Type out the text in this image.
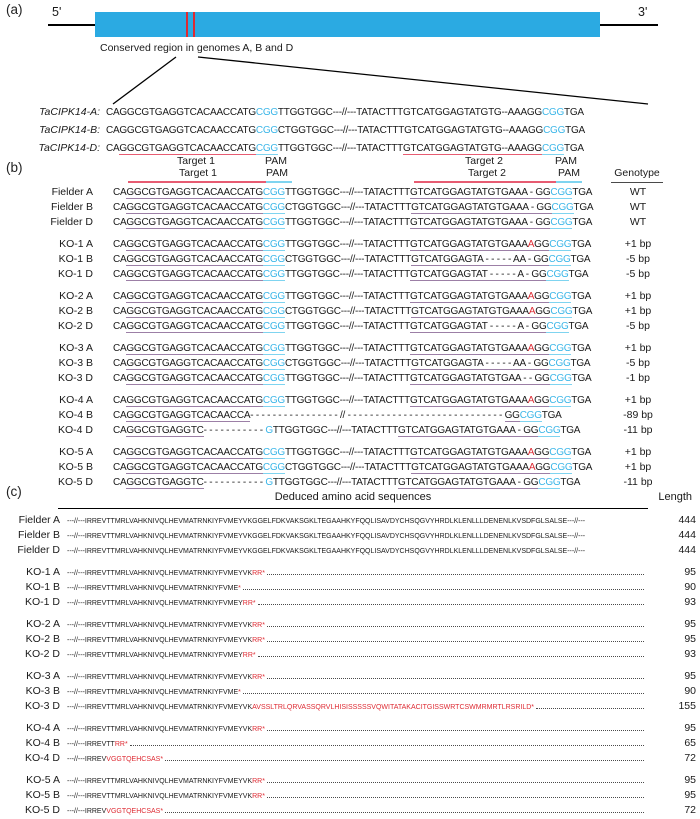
(a) 5'	3'
Conserved region in genomes A, B and D
TaCIPK14-A: CAGGCGTGAGGTCACAACCATGCGGTTGGTGGC---//---TATACTTTGTCATGGAGTATGTG--AAAGGCGGTGA
TaCIPK14-B: CAGGCGTGAGGTCACAACCATGCGGCTGGTGGC---//---TATACTTTGTCATGGAGTATGTG--AAAGGCGGTGA
TaCIPK14-D: CAGGCGTGAGGTCACAACCATGCGGTTGGTGGC---//---TATACTTTGTCATGGAGTATGTG--AAAGGCGGTGA
Target 1	PAM	Target 2	PAM
(b)	Target 1	PAM	Target 2	PAM	Genotype
Fielder A	CAGGCGTGAGGTCACAACCATGCGGTTGGTGGC---//---TATACTTTGTCATGGAGTATGTGAAA - GGCGGTGA	WT
Fielder B	CAGGCGTGAGGTCACAACCATGCGGCTGGTGGC---//---TATACTTTGTCATGGAGTATGTGAAA - GGCGGTGA	WT
Fielder D	CAGGCGTGAGGTCACAACCATGCGGTTGGTGGC---//---TATACTTTGTCATGGAGTATGTGAAA - GGCGGTGA	WT
KO-1 A	CAGGCGTGAGGTCACAACCATGCGGTTGGTGGC---//---TATACTTTGTCATGGAGTATGTGAAAAGGCGGTGA	+1 bp
KO-1 B	CAGGCGTGAGGTCACAACCATGCGGCTGGTGGC---//---TATACTTTGTCATGGAGTA - - - - - AA - GGCGGTGA	-5 bp
KO-1 D	CAGGCGTGAGGTCACAACCATGCGGTTGGTGGC---//---TATACTTTGTCATGGAGTAT - - - - - A - GGCGGTGA	-5 bp
KO-2 A	CAGGCGTGAGGTCACAACCATGCGGTTGGTGGC---//---TATACTTTGTCATGGAGTATGTGAAAAGGCGGTGA	+1 bp
KO-2 B	CAGGCGTGAGGTCACAACCATGCGGCTGGTGGC---//---TATACTTTGTCATGGAGTATGTGAAAAGGCGGTGA	+1 bp
KO-2 D	CAGGCGTGAGGTCACAACCATGCGGTTGGTGGC---//---TATACTTTGTCATGGAGTAT - - - - - A - GGCGGTGA	-5 bp
KO-3 A	CAGGCGTGAGGTCACAACCATGCGGTTGGTGGC---//---TATACTTTGTCATGGAGTATGTGAAAAGGCGGTGA	+1 bp
KO-3 B	CAGGCGTGAGGTCACAACCATGCGGCTGGTGGC---//---TATACTTTGTCATGGAGTA - - - - - AA - GGCGGTGA	-5 bp
KO-3 D	CAGGCGTGAGGTCACAACCATGCGGTTGGTGGC---//---TATACTTTGTCATGGAGTATGTGAA - - GGCGGTGA	-1 bp
KO-4 A	CAGGCGTGAGGTCACAACCATGCGGTTGGTGGC---//---TATACTTTGTCATGGAGTATGTGAAAAGGCGGTGA	+1 bp
KO-4 B	CAGGCGTGAGGTCACAACCA- - - - - - - - - - - - - - - - // - - - - - - - - - - - - - - - - - - - - - - - - - - - - GGCGGTGA	-89 bp
KO-4 D	CAGGCGTGAGGTC- - - - - - - - - - - GTTGGTGGC---//---TATACTTTGTCATGGAGTATGTGAAA - GGCGGTGA	-11 bp
KO-5 A	CAGGCGTGAGGTCACAACCATGCGGTTGGTGGC---//---TATACTTTGTCATGGAGTATGTGAAAAGGCGGTGA	+1 bp
KO-5 B	CAGGCGTGAGGTCACAACCATGCGGCTGGTGGC---//---TATACTTTGTCATGGAGTATGTGAAAAGGCGGTGA	+1 bp
KO-5 D	CAGGCGTGAGGTC- - - - - - - - - - - GTTGGTGGC---//---TATACTTTGTCATGGAGTATGTGAAA - GGCGGTGA	-11 bp
(c)	Deduced amino acid sequences	Length
Fielder A ---//---IRREVTTMRLVAHKNIVQLHEVMATRNKIYFVMEYVKGGELFDKVAKSGKLTEGAAHKYFQQLISAVDYCHSQGVYHRDLKLENLLLDENENLKVSDFGLSALSE---//---	444
Fielder B ---//---IRREVTTMRLVAHKNIVQLHEVMATRNKIYFVMEYVKGGELFDKVAKSGKLTEGAAHKYFQQLISAVDYCHSQGVYHRDLKLENLLLDENENLKVSDFGLSALSE---//---	444
Fielder D ---//---IRREVTTMRLVAHKNIVQLHEVMATRNKIYFVMEYVKGGELFDKVAKSGKLTEGAAHKYFQQLISAVDYCHSQGVYHRDLKLENLLLDENENLKVSDFGLSALSE---//---	444
KO-1 A ---//---IRREVTTMRLVAHKNIVQLHEVMATRNKIYFVMEYVKRR*	95
KO-1 B ---//---IRREVTTMRLVAHKNIVQLHEVMATRNKIYFVME*	90
KO-1 D ---//---IRREVTTMRLVAHKNIVQLHEVMATRNKIYFVMEYRR*	93
KO-2 A ---//---IRREVTTMRLVAHKNIVQLHEVMATRNKIYFVMEYVKRR*	95
KO-2 B ---//---IRREVTTMRLVAHKNIVQLHEVMATRNKIYFVMEYVKRR*	95
KO-2 D ---//---IRREVTTMRLVAHKNIVQLHEVMATRNKIYFVMEYRR*	93
KO-3 A ---//---IRREVTTMRLVAHKNIVQLHEVMATRNKIYFVMEYVKRR*	95
KO-3 B ---//---IRREVTTMRLVAHKNIVQLHEVMATRNKIYFVME*	90
KO-3 D ---//---IRREVTTMRLVAHKNIVQLHEVMATRNKIYFVMEYVKAVSSLTRLQRVASSQRVLHISISSSSSVQWITATAKACITGISSWRTCSWMRMRTLRSRILD*	155
KO-4 A ---//---IRREVTTMRLVAHKNIVQLHEVMATRNKIYFVMEYVKRR*	95
KO-4 B ---//---IRREVTTRR*	65
KO-4 D ---//---IRREVVGGTQEHCSAS*	72
KO-5 A ---//---IRREVTTMRLVAHKNIVQLHEVMATRNKIYFVMEYVKRR*	95
KO-5 B ---//---IRREVTTMRLVAHKNIVQLHEVMATRNKIYFVMEYVKRR*	95
KO-5 D ---//---IRREVVGGTQEHCSAS*	72
